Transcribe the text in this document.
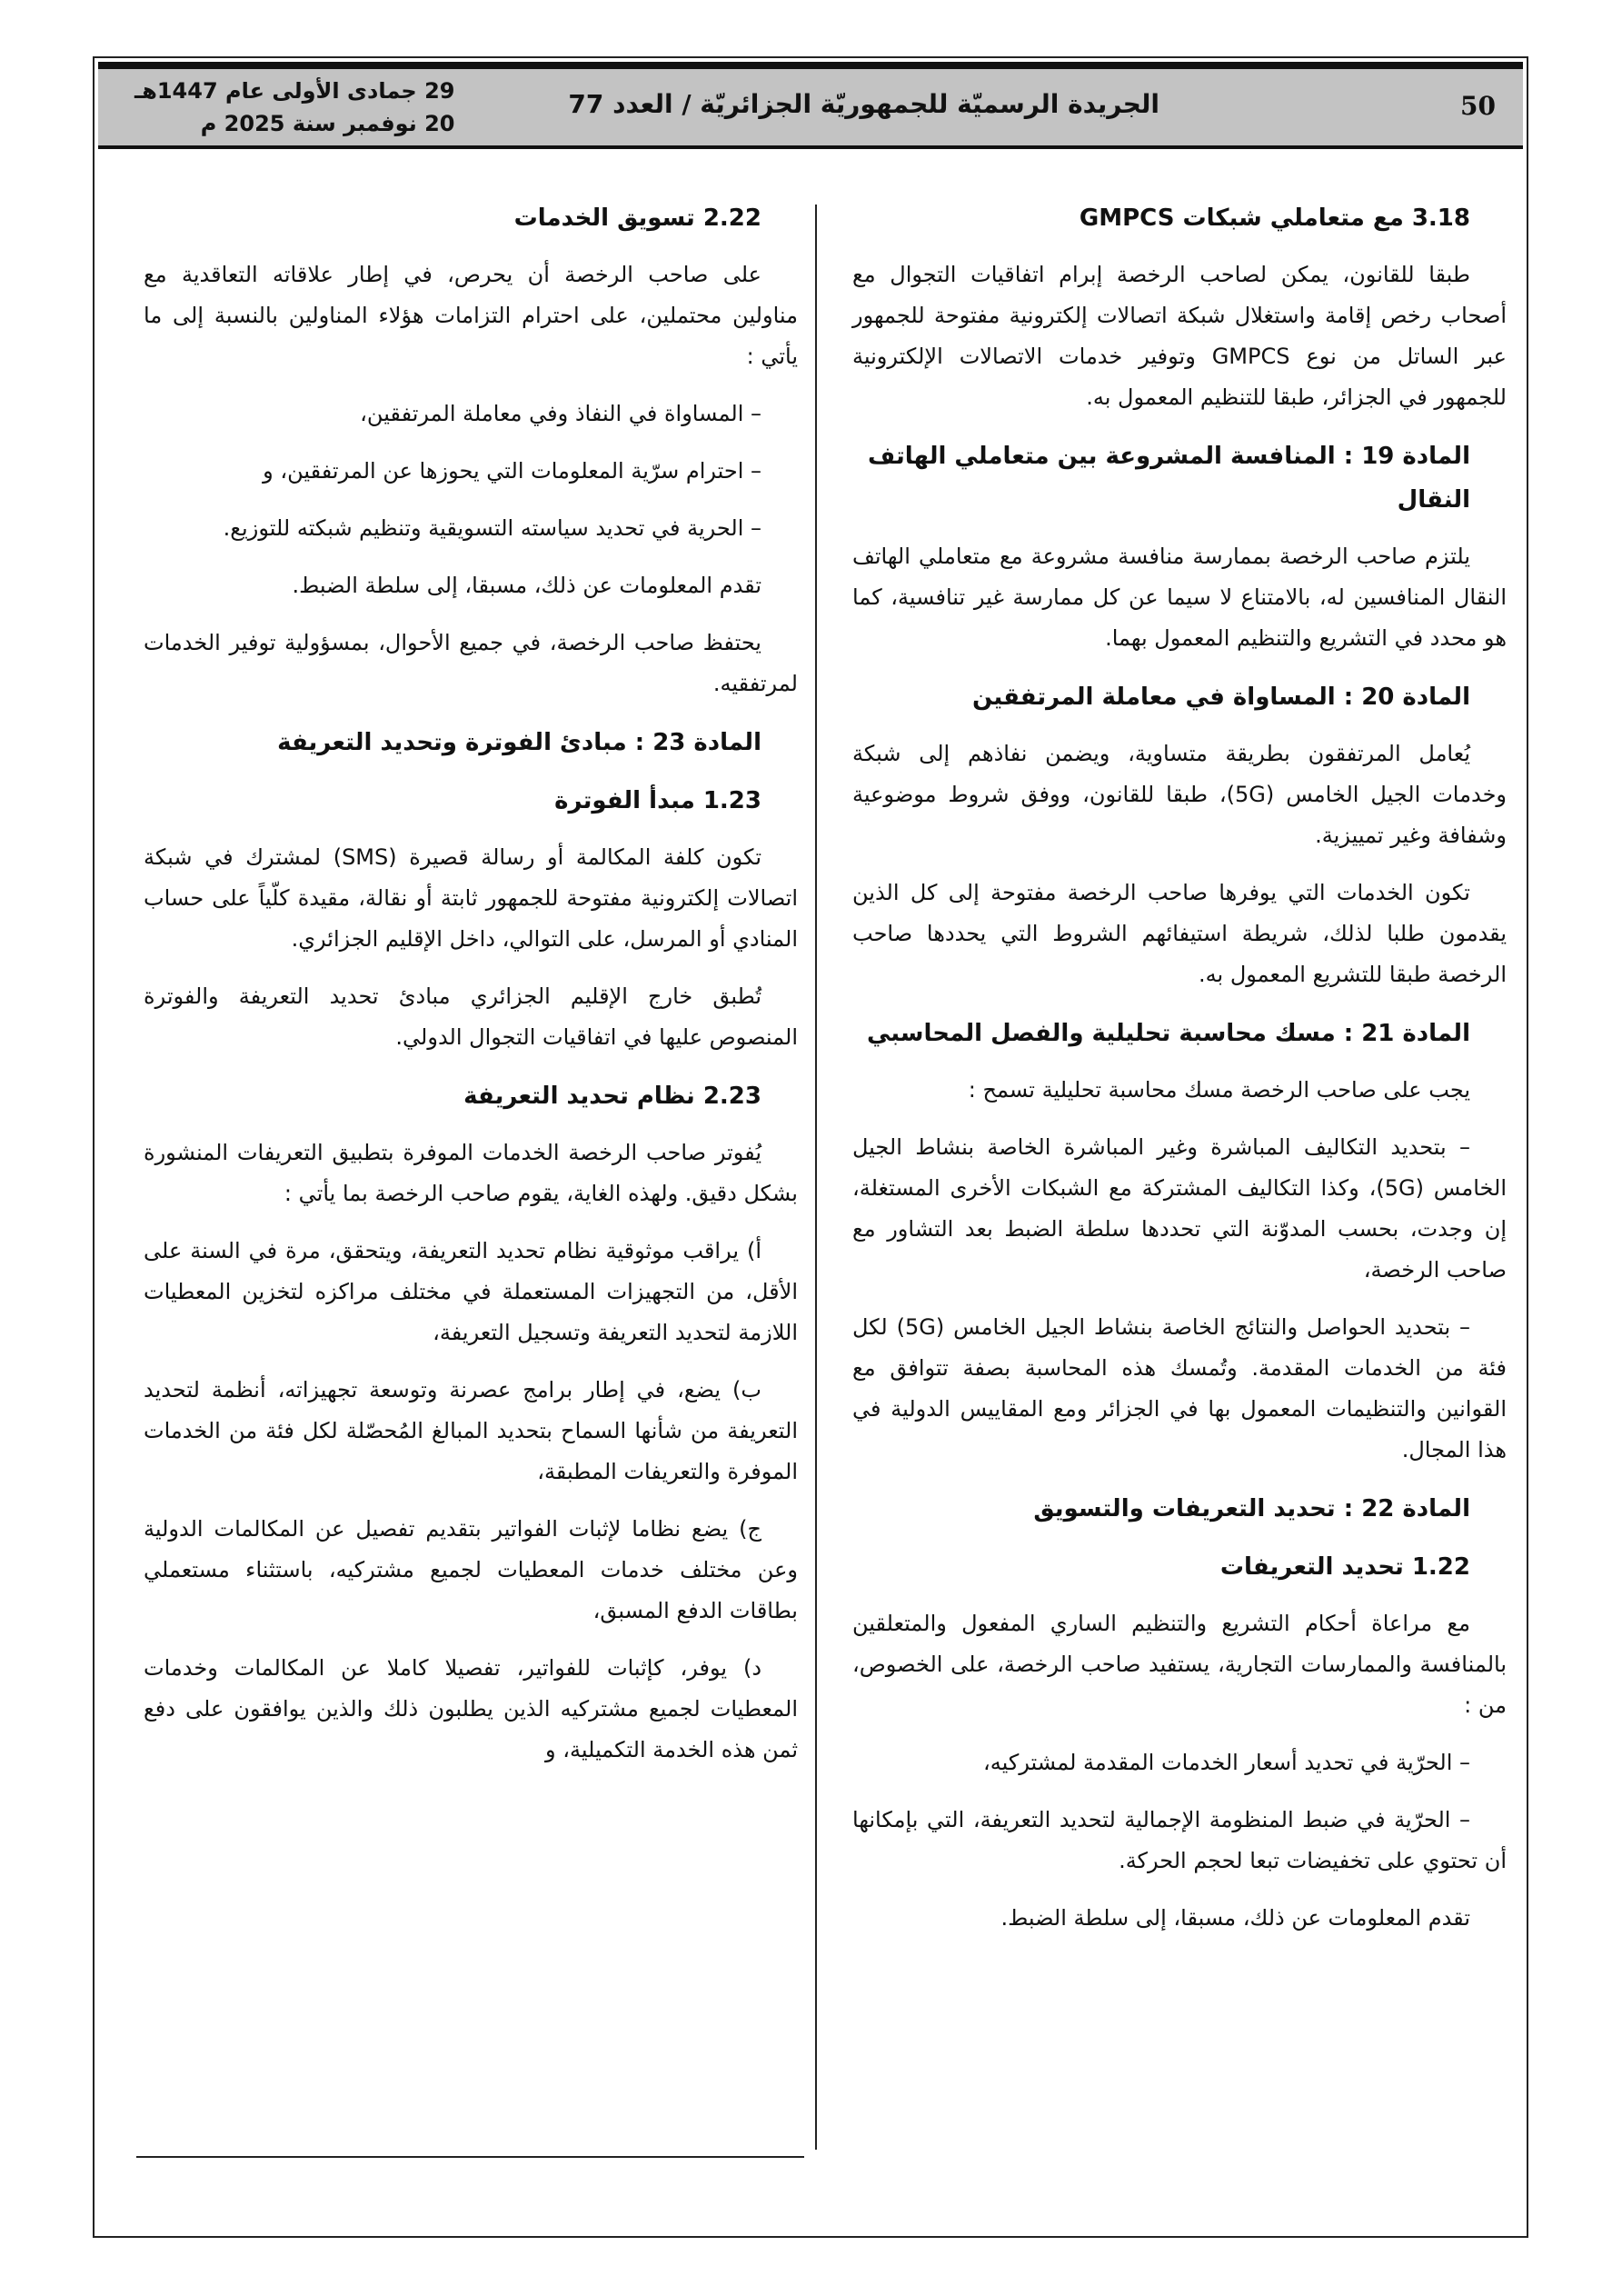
50
الجريدة الرسميّة للجمهوريّة الجزائريّة / العدد 77
29 جمادى الأولى عام 1447هـ
20 نوفمبر سنة 2025 م
3.18 مع متعاملي شبكات GMPCS
طبقا للقانون، يمكن لصاحب الرخصة إبرام اتفاقيات التجوال مع أصحاب رخص إقامة واستغلال شبكة اتصالات إلكترونية مفتوحة للجمهور عبر الساتل من نوع GMPCS وتوفير خدمات الاتصالات الإلكترونية للجمهور في الجزائر، طبقا للتنظيم المعمول به.
المادة 19 : المنافسة المشروعة بين متعاملي الهاتف النقال
يلتزم صاحب الرخصة بممارسة منافسة مشروعة مع متعاملي الهاتف النقال المنافسين له، بالامتناع لا سيما عن كل ممارسة غير تنافسية، كما هو محدد في التشريع والتنظيم المعمول بهما.
المادة 20 : المساواة في معاملة المرتفقين
يُعامل المرتفقون بطريقة متساوية، ويضمن نفاذهم إلى شبكة وخدمات الجيل الخامس (5G)، طبقا للقانون، ووفق شروط موضوعية وشفافة وغير تمييزية.
تكون الخدمات التي يوفرها صاحب الرخصة مفتوحة إلى كل الذين يقدمون طلبا لذلك، شريطة استيفائهم الشروط التي يحددها صاحب الرخصة طبقا للتشريع المعمول به.
المادة 21 : مسك محاسبة تحليلية والفصل المحاسبي
يجب على صاحب الرخصة مسك محاسبة تحليلية تسمح :
– بتحديد التكاليف المباشرة وغير المباشرة الخاصة بنشاط الجيل الخامس (5G)، وكذا التكاليف المشتركة مع الشبكات الأخرى المستغلة، إن وجدت، بحسب المدوّنة التي تحددها سلطة الضبط بعد التشاور مع صاحب الرخصة،
– بتحديد الحواصل والنتائج الخاصة بنشاط الجيل الخامس (5G) لكل فئة من الخدمات المقدمة. وتُمسك هذه المحاسبة بصفة تتوافق مع القوانين والتنظيمات المعمول بها في الجزائر ومع المقاييس الدولية في هذا المجال.
المادة 22 : تحديد التعريفات والتسويق
1.22 تحديد التعريفات
مع مراعاة أحكام التشريع والتنظيم الساري المفعول والمتعلقين بالمنافسة والممارسات التجارية، يستفيد صاحب الرخصة، على الخصوص، من :
– الحرّية في تحديد أسعار الخدمات المقدمة لمشتركيه،
– الحرّية في ضبط المنظومة الإجمالية لتحديد التعريفة، التي بإمكانها أن تحتوي على تخفيضات تبعا لحجم الحركة.
تقدم المعلومات عن ذلك، مسبقا، إلى سلطة الضبط.
2.22 تسويق الخدمات
على صاحب الرخصة أن يحرص، في إطار علاقاته التعاقدية مع مناولين محتملين، على احترام التزامات هؤلاء المناولين بالنسبة إلى ما يأتي :
– المساواة في النفاذ وفي معاملة المرتفقين،
– احترام سرّية المعلومات التي يحوزها عن المرتفقين، و
– الحرية في تحديد سياسته التسويقية وتنظيم شبكته للتوزيع.
تقدم المعلومات عن ذلك، مسبقا، إلى سلطة الضبط.
يحتفظ صاحب الرخصة، في جميع الأحوال، بمسؤولية توفير الخدمات لمرتفقيه.
المادة 23 : مبادئ الفوترة وتحديد التعريفة
1.23 مبدأ الفوترة
تكون كلفة المكالمة أو رسالة قصيرة (SMS) لمشترك في شبكة اتصالات إلكترونية مفتوحة للجمهور ثابتة أو نقالة، مقيدة كلّياً على حساب المنادي أو المرسل، على التوالي، داخل الإقليم الجزائري.
تُطبق خارج الإقليم الجزائري مبادئ تحديد التعريفة والفوترة المنصوص عليها في اتفاقيات التجوال الدولي.
2.23 نظام تحديد التعريفة
يُفوتر صاحب الرخصة الخدمات الموفرة بتطبيق التعريفات المنشورة بشكل دقيق. ولهذه الغاية، يقوم صاحب الرخصة بما يأتي :
أ) يراقب موثوقية نظام تحديد التعريفة، ويتحقق، مرة في السنة على الأقل، من التجهيزات المستعملة في مختلف مراكزه لتخزين المعطيات اللازمة لتحديد التعريفة وتسجيل التعريفة،
ب) يضع، في إطار برامج عصرنة وتوسعة تجهيزاته، أنظمة لتحديد التعريفة من شأنها السماح بتحديد المبالغ المُحصّلة لكل فئة من الخدمات الموفرة والتعريفات المطبقة،
ج) يضع نظاما لإثبات الفواتير بتقديم تفصيل عن المكالمات الدولية وعن مختلف خدمات المعطيات لجميع مشتركيه، باستثناء مستعملي بطاقات الدفع المسبق،
د) يوفر، كإثبات للفواتير، تفصيلا كاملا عن المكالمات وخدمات المعطيات لجميع مشتركيه الذين يطلبون ذلك والذين يوافقون على دفع ثمن هذه الخدمة التكميلية، و
